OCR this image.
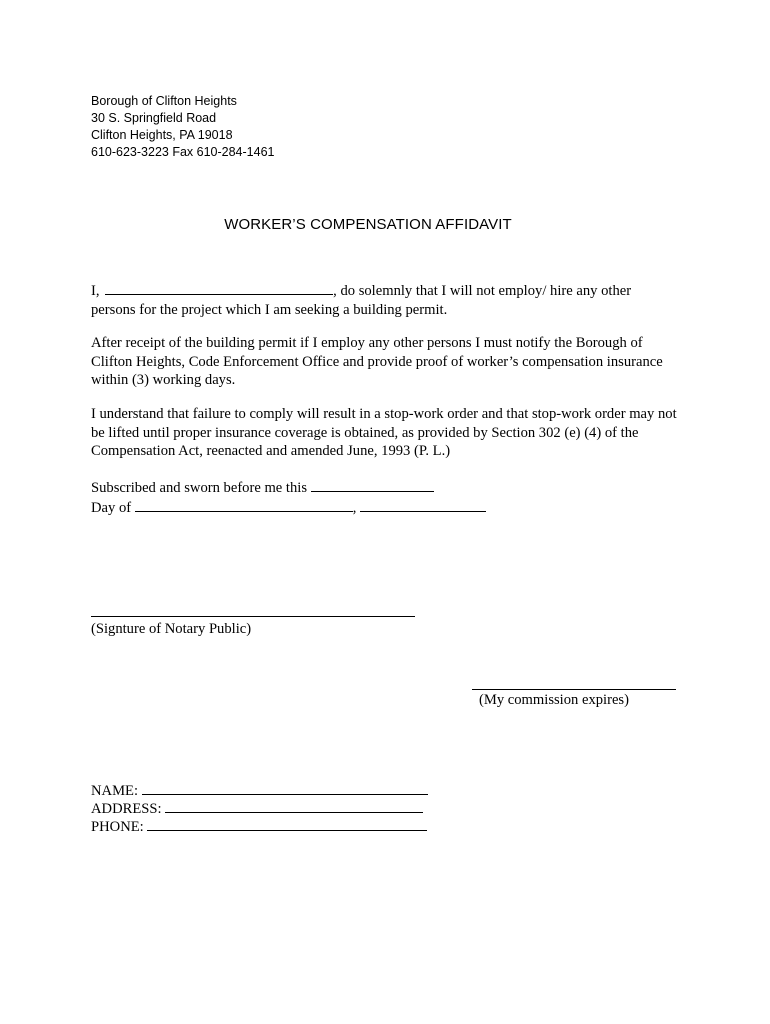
Borough of Clifton Heights
30 S. Springfield Road
Clifton Heights, PA 19018
610-623-3223 Fax 610-284-1461
WORKER’S COMPENSATION AFFIDAVIT
I,	, do solemnly that I will not employ/ hire any other
persons for the project which I am seeking a building permit.
After receipt of the building permit if I employ any other persons I must notify the Borough of Clifton Heights, Code Enforcement Office and provide proof of worker’s compensation insurance within (3) working days.
I understand that failure to comply will result in a stop-work order and that stop-work order may not be lifted until proper insurance coverage is obtained, as provided by Section 302 (e) (4) of the Compensation Act, reenacted and amended June, 1993 (P. L.)
Subscribed and sworn before me this
Day of	,
(Signture of Notary Public)
(My commission expires)
NAME:
ADDRESS:
PHONE:
